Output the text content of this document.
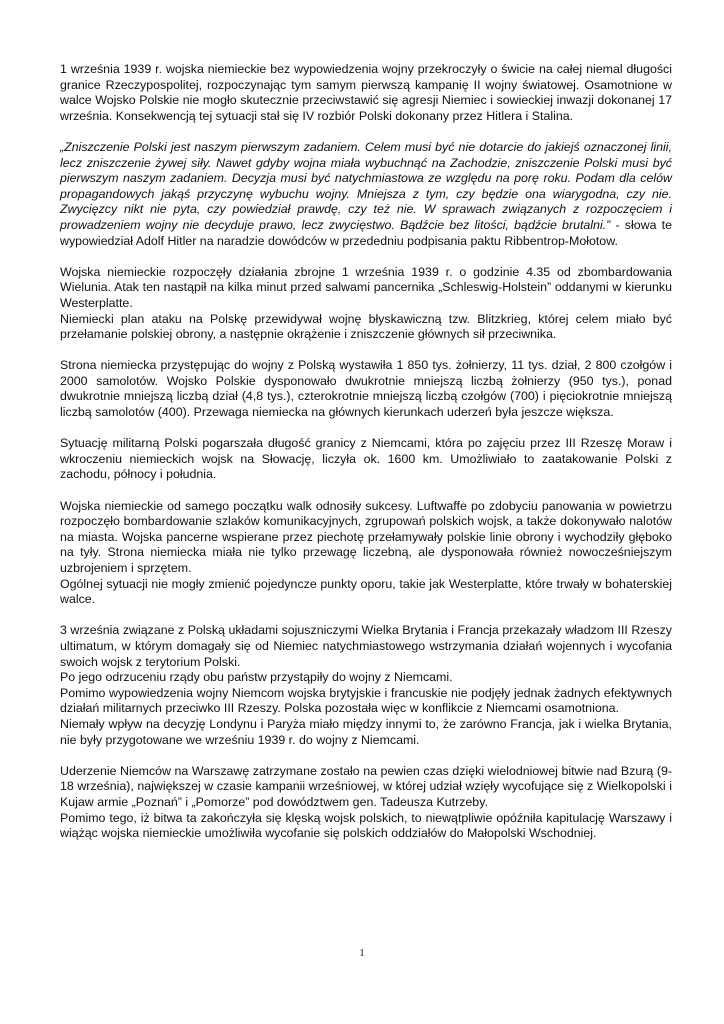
1 września 1939 r. wojska niemieckie bez wypowiedzenia wojny przekroczyły o świcie na całej niemal długości granice Rzeczypospolitej, rozpoczynając tym samym pierwszą kampanię II wojny światowej. Osamotnione w walce Wojsko Polskie nie mogło skutecznie przeciwstawić się agresji Niemiec i sowieckiej inwazji dokonanej 17 września. Konsekwencją tej sytuacji stał się IV rozbiór Polski dokonany przez Hitlera i Stalina.

„Zniszczenie Polski jest naszym pierwszym zadaniem. Celem musi być nie dotarcie do jakiejś oznaczonej linii, lecz zniszczenie żywej siły. Nawet gdyby wojna miała wybuchnąć na Zachodzie, zniszczenie Polski musi być pierwszym naszym zadaniem. Decyzja musi być natychmiastowa ze względu na porę roku. Podam dla celów propagandowych jakąś przyczynę wybuchu wojny. Mniejsza z tym, czy będzie ona wiarygodna, czy nie. Zwycięzcy nikt nie pyta, czy powiedział prawdę, czy też nie. W sprawach związanych z rozpoczęciem i prowadzeniem wojny nie decyduje prawo, lecz zwycięstwo. Bądźcie bez litości, bądźcie brutalni.” - słowa te wypowiedział Adolf Hitler na naradzie dowódców w przededniu podpisania paktu Ribbentrop-Mołotow.

Wojska niemieckie rozpoczęły działania zbrojne 1 września 1939 r. o godzinie 4.35 od zbombardowania Wielunia. Atak ten nastąpił na kilka minut przed salwami pancernika „Schleswig-Holstein” oddanymi w kierunku Westerplatte.

Niemiecki plan ataku na Polskę przewidywał wojnę błyskawiczną tzw. Blitzkrieg, której celem miało być przełamanie polskiej obrony, a następnie okrążenie i zniszczenie głównych sił przeciwnika.

Strona niemiecka przystępując do wojny z Polską wystawiła 1 850 tys. żołnierzy, 11 tys. dział, 2 800 czołgów i 2000 samolotów. Wojsko Polskie dysponowało dwukrotnie mniejszą liczbą żołnierzy (950 tys.), ponad dwukrotnie mniejszą liczbą dział (4,8 tys.), czterokrotnie mniejszą liczbą czołgów (700) i pięciokrotnie mniejszą liczbą samolotów (400). Przewaga niemiecka na głównych kierunkach uderzeń była jeszcze większa.

Sytuację militarną Polski pogarszała długość granicy z Niemcami, która po zajęciu przez III Rzeszę Moraw i wkroczeniu niemieckich wojsk na Słowację, liczyła ok. 1600 km. Umożliwiało to zaatakowanie Polski z zachodu, północy i południa.

Wojska niemieckie od samego początku walk odnosiły sukcesy. Luftwaffe po zdobyciu panowania w powietrzu rozpoczęło bombardowanie szlaków komunikacyjnych, zgrupowań polskich wojsk, a także dokonywało nalotów na miasta. Wojska pancerne wspierane przez piechotę przełamywały polskie linie obrony i wychodziły głęboko na tyły. Strona niemiecka miała nie tylko przewagę liczebną, ale dysponowała również nowocześniejszym uzbrojeniem i sprzętem.

Ogólnej sytuacji nie mogły zmienić pojedyncze punkty oporu, takie jak Westerplatte, które trwały w bohaterskiej walce.

3 września związane z Polską układami sojuszniczymi Wielka Brytania i Francja przekazały władzom III Rzeszy ultimatum, w którym domagały się od Niemiec natychmiastowego wstrzymania działań wojennych i wycofania swoich wojsk z terytorium Polski.

Po jego odrzuceniu rządy obu państw przystąpiły do wojny z Niemcami.

Pomimo wypowiedzenia wojny Niemcom wojska brytyjskie i francuskie nie podjęły jednak żadnych efektywnych działań militarnych przeciwko III Rzeszy. Polska pozostała więc w konflikcie z Niemcami osamotniona.

Niemały wpływ na decyzję Londynu i Paryża miało między innymi to, że zarówno Francja, jak i wielka Brytania, nie były przygotowane we wrześniu 1939 r. do wojny z Niemcami.

Uderzenie Niemców na Warszawę zatrzymane zostało na pewien czas dzięki wielodniowej bitwie nad Bzurą (9-18 września), największej w czasie kampanii wrześniowej, w której udział wzięły wycofujące się z Wielkopolski i Kujaw armie „Poznań” i „Pomorze” pod dowództwem gen. Tadeusza Kutrzeby.

Pomimo tego, iż bitwa ta zakończyła się klęską wojsk polskich, to niewątpliwie opóźniła kapitulację Warszawy i wiążąc wojska niemieckie umożliwiła wycofanie się polskich oddziałów do Małopolski Wschodniej.

1
